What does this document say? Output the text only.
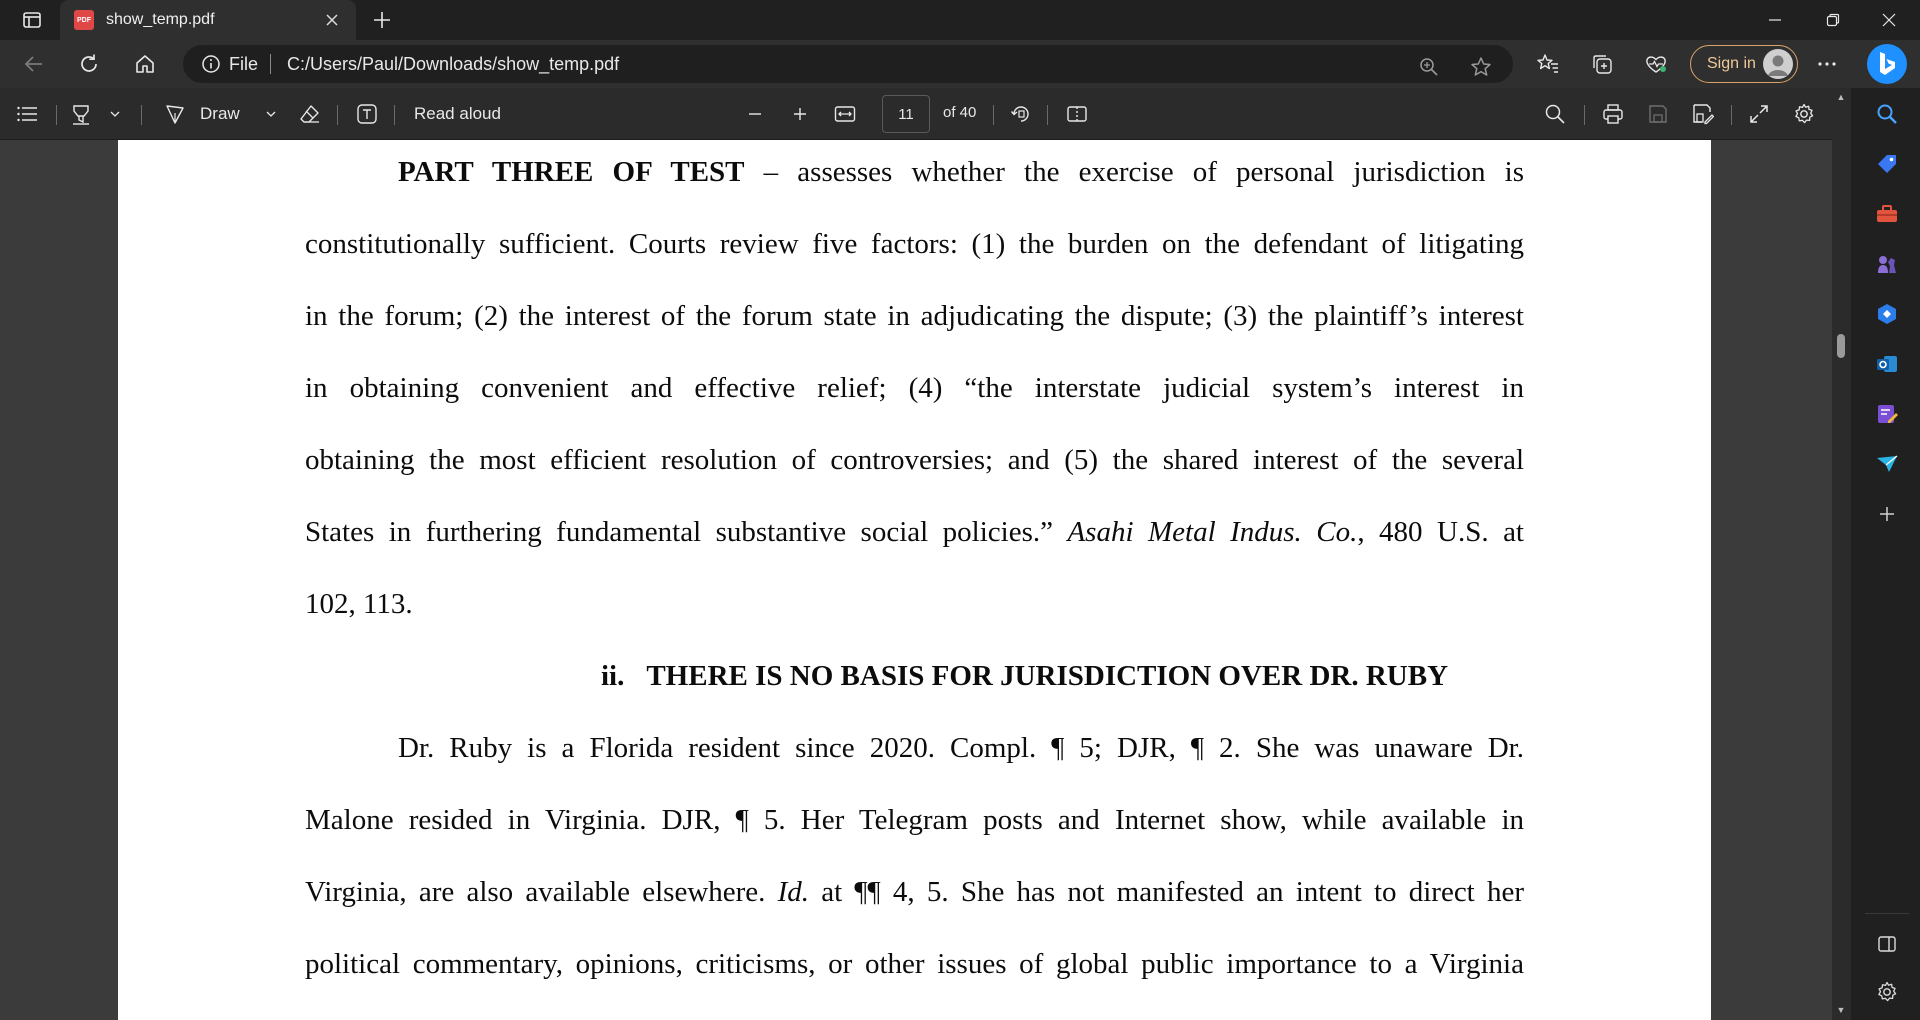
PDF show_temp.pdf
File C:/Users/Paul/Downloads/show_temp.pdf	Sign in
Draw	Read aloud	11	of 40
PART THREE OF TEST – assesses whether the exercise of personal jurisdiction is
constitutionally sufficient. Courts review five factors: (1) the burden on the defendant of litigating
in the forum; (2) the interest of the forum state in adjudicating the dispute; (3) the plaintiff’s interest
in obtaining convenient and effective relief; (4) “the interstate judicial system’s interest in
obtaining the most efficient resolution of controversies; and (5) the shared interest of the several
States in furthering fundamental substantive social policies.” Asahi Metal Indus. Co., 480 U.S. at
102, 113.
ii. THERE IS NO BASIS FOR JURISDICTION OVER DR. RUBY
Dr. Ruby is a Florida resident since 2020. Compl. ¶ 5; DJR, ¶ 2. She was unaware Dr.
Malone resided in Virginia. DJR, ¶ 5. Her Telegram posts and Internet show, while available in
Virginia, are also available elsewhere. Id. at ¶¶ 4, 5. She has not manifested an intent to direct her
political commentary, opinions, criticisms, or other issues of global public importance to a Virginia
▲
▼
